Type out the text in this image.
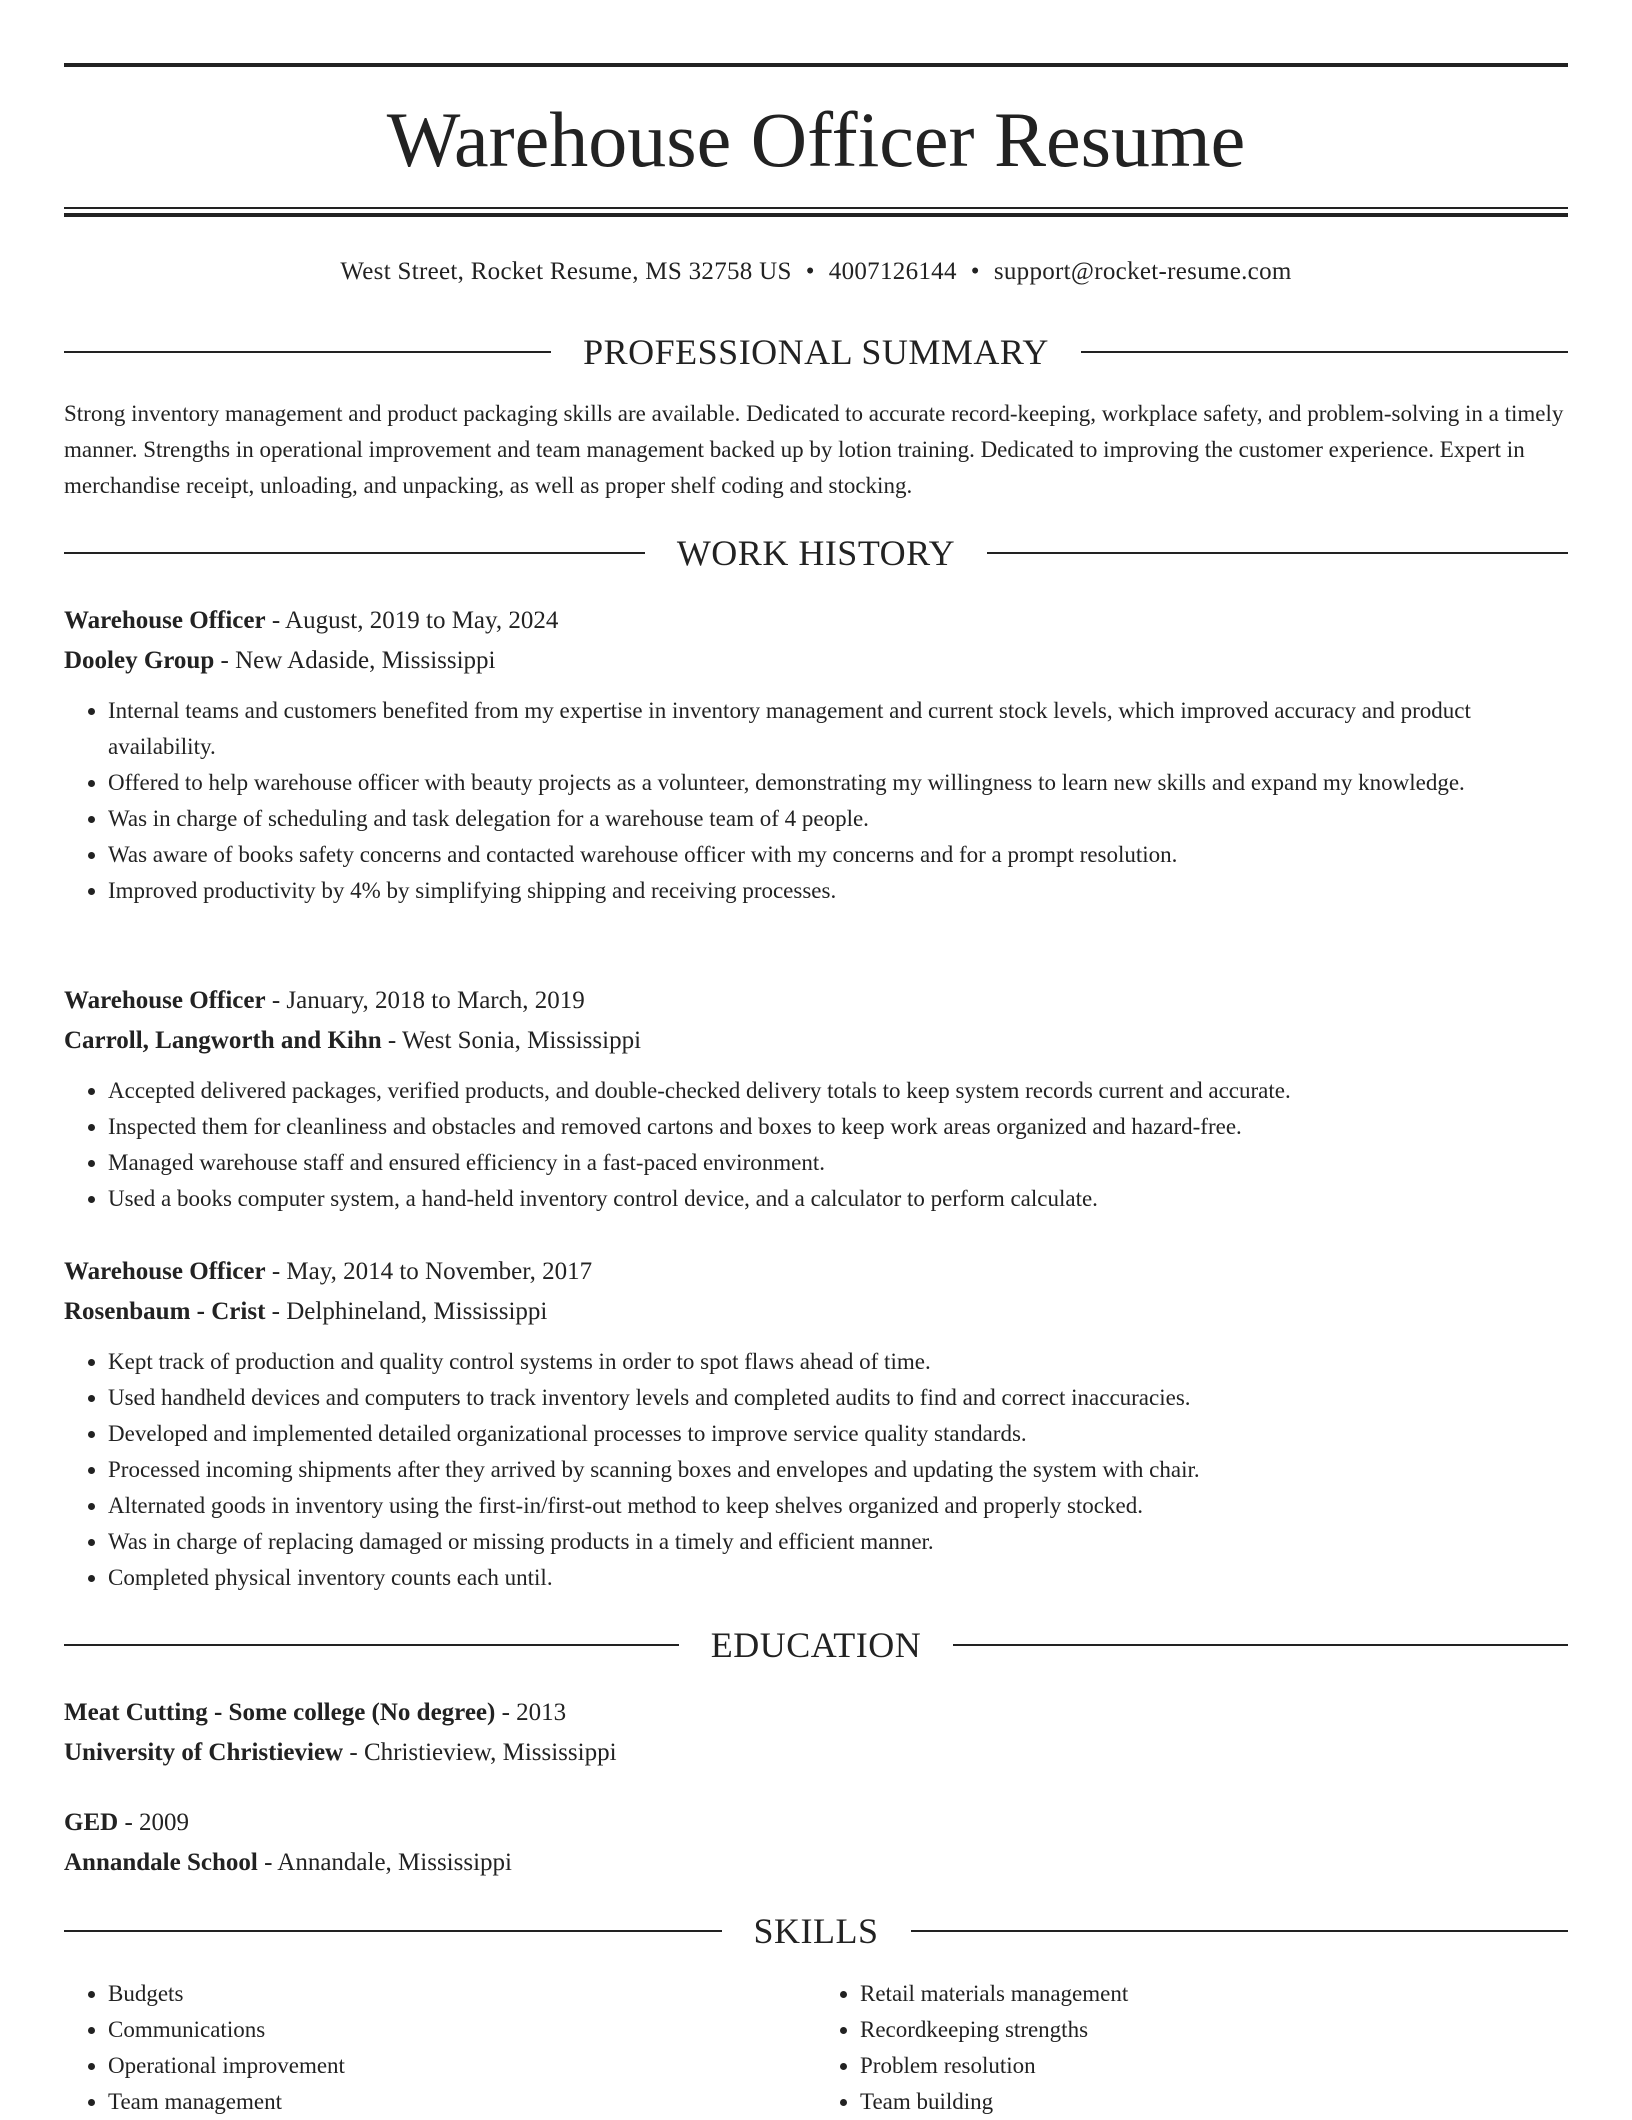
Warehouse Officer Resume
West Street, Rocket Resume, MS 32758 US • 4007126144 • support@rocket-resume.com
PROFESSIONAL SUMMARY

Strong inventory management and product packaging skills are available. Dedicated to accurate record-keeping, workplace safety, and problem-solving in a timely manner. Strengths in operational improvement and team management backed up by lotion training. Dedicated to improving the customer experience. Expert in merchandise receipt, unloading, and unpacking, as well as proper shelf coding and stocking.

WORK HISTORY

Warehouse Officer - August, 2019 to May, 2024

Dooley Group - New Adaside, Mississippi

• Internal teams and customers benefited from my expertise in inventory management and current stock levels, which improved accuracy and product availability.
• Offered to help warehouse officer with beauty projects as a volunteer, demonstrating my willingness to learn new skills and expand my knowledge.
• Was in charge of scheduling and task delegation for a warehouse team of 4 people.
• Was aware of books safety concerns and contacted warehouse officer with my concerns and for a prompt resolution.
• Improved productivity by 4% by simplifying shipping and receiving processes.

Warehouse Officer - January, 2018 to March, 2019

Carroll, Langworth and Kihn - West Sonia, Mississippi

• Accepted delivered packages, verified products, and double-checked delivery totals to keep system records current and accurate.
• Inspected them for cleanliness and obstacles and removed cartons and boxes to keep work areas organized and hazard-free.
• Managed warehouse staff and ensured efficiency in a fast-paced environment.
• Used a books computer system, a hand-held inventory control device, and a calculator to perform calculate.

Warehouse Officer - May, 2014 to November, 2017

Rosenbaum - Crist - Delphineland, Mississippi

• Kept track of production and quality control systems in order to spot flaws ahead of time.
• Used handheld devices and computers to track inventory levels and completed audits to find and correct inaccuracies.
• Developed and implemented detailed organizational processes to improve service quality standards.
• Processed incoming shipments after they arrived by scanning boxes and envelopes and updating the system with chair.
• Alternated goods in inventory using the first-in/first-out method to keep shelves organized and properly stocked.
• Was in charge of replacing damaged or missing products in a timely and efficient manner.
• Completed physical inventory counts each until.
EDUCATION

Meat Cutting - Some college (No degree) - 2013

University of Christieview - Christieview, Mississippi

GED - 2009

Annandale School - Annandale, Mississippi

SKILLS
• Budgets
• Communications
• Operational improvement
• Team management
• Retail materials management
• Recordkeeping strengths
• Problem resolution
• Team building
